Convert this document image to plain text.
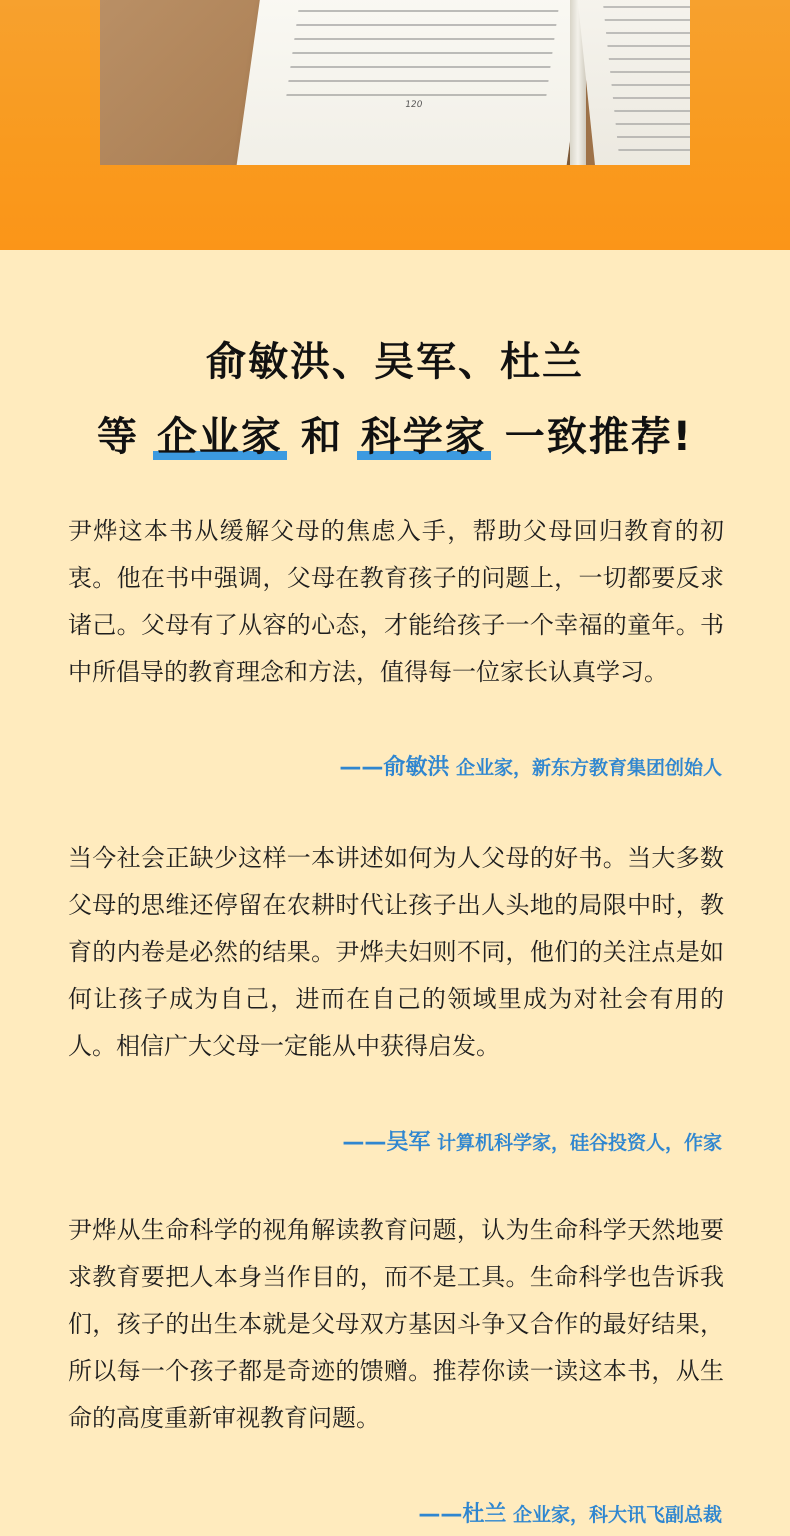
120
俞敏洪、吴军、杜兰
等 企业家 和 科学家 一致推荐!
尹烨这本书从缓解父母的焦虑入手，帮助父母回归教育的初衷。他在书中强调，父母在教育孩子的问题上，一切都要反求诸己。父母有了从容的心态，才能给孩子一个幸福的童年。书中所倡导的教育理念和方法，值得每一位家长认真学习。
——俞敏洪 企业家，新东方教育集团创始人
当今社会正缺少这样一本讲述如何为人父母的好书。当大多数父母的思维还停留在农耕时代让孩子出人头地的局限中时，教育的内卷是必然的结果。尹烨夫妇则不同，他们的关注点是如何让孩子成为自己，进而在自己的领域里成为对社会有用的人。相信广大父母一定能从中获得启发。
——吴军 计算机科学家，硅谷投资人，作家
尹烨从生命科学的视角解读教育问题，认为生命科学天然地要求教育要把人本身当作目的，而不是工具。生命科学也告诉我们，孩子的出生本就是父母双方基因斗争又合作的最好结果，所以每一个孩子都是奇迹的馈赠。推荐你读一读这本书，从生命的高度重新审视教育问题。
——杜兰 企业家，科大讯飞副总裁
